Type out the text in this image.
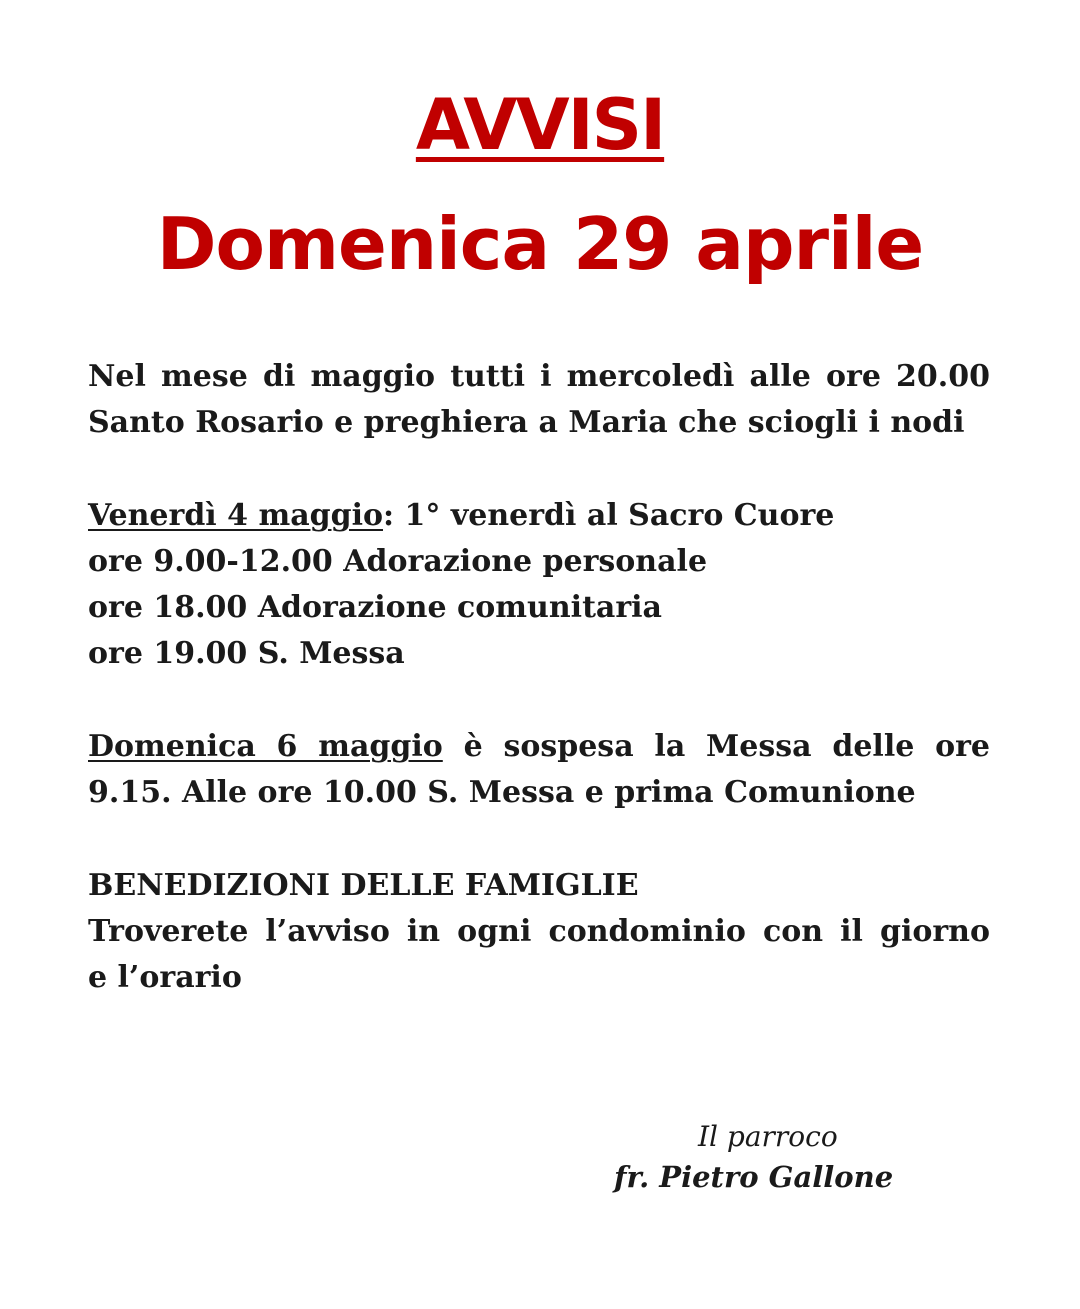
AVVISI
Domenica 29 aprile

Nel mese di maggio tutti i mercoledì alle ore 20.00
Santo Rosario e preghiera a Maria che sciogli i nodi

Venerdì 4 maggio: 1° venerdì al Sacro Cuore
ore 9.00-12.00 Adorazione personale
ore 18.00 Adorazione comunitaria
ore 19.00 S. Messa

Domenica 6 maggio è sospesa la Messa delle ore
9.15. Alle ore 10.00 S. Messa e prima Comunione

BENEDIZIONI DELLE FAMIGLIE
Troverete l’avviso in ogni condominio con il giorno
e l’orario

Il parroco
fr. Pietro Gallone
